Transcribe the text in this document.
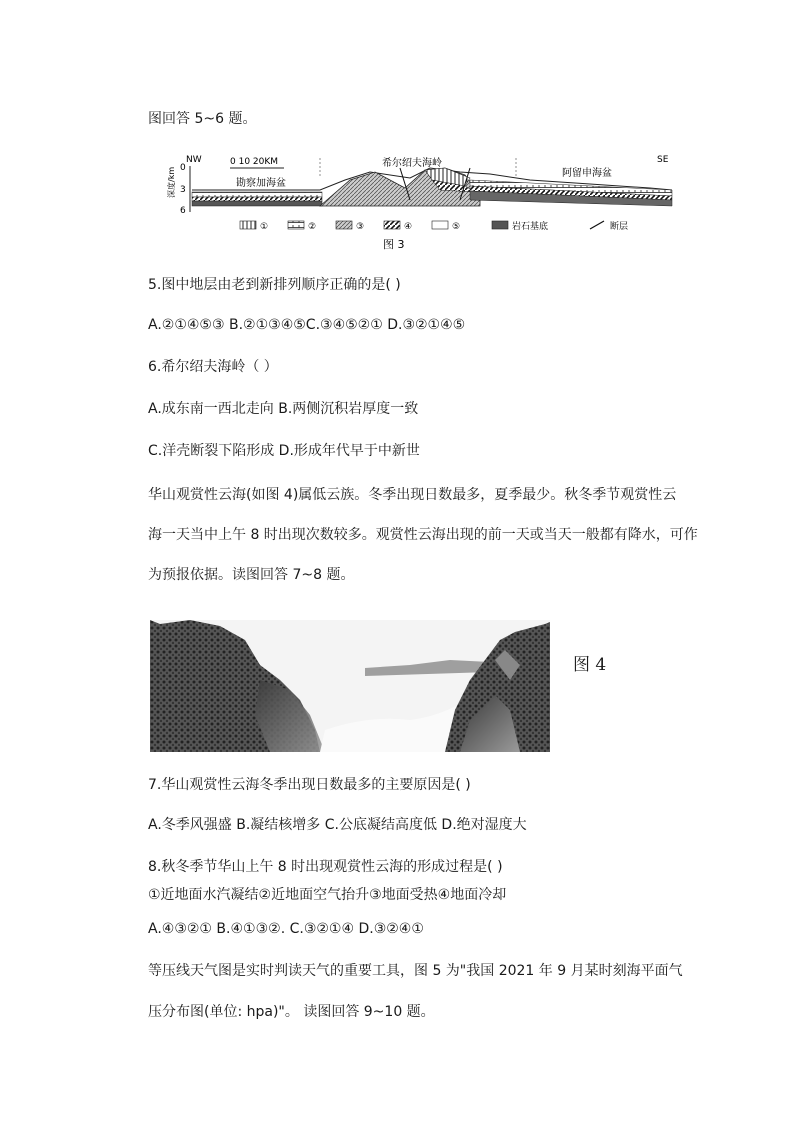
图回答 5~6 题。
NW	SE
0 10 20KM
0
3
6
深度/km	勘察加海盆
希尔绍夫海岭
阿留申海盆
①	②	③	④	⑤	岩石基底	断层
图 3
5.图中地层由老到新排列顺序正确的是( )
A.②①④⑤③ B.②①③④⑤C.③④⑤②① D.③②①④⑤
6.希尔绍夫海岭（ ）
A.成东南一西北走向 B.两侧沉积岩厚度一致
C.洋壳断裂下陷形成 D.形成年代早于中新世
华山观赏性云海(如图 4)属低云族。冬季出现日数最多，夏季最少。秋冬季节观赏性云
海一天当中上午 8 时出现次数较多。观赏性云海出现的前一天或当天一般都有降水，可作
为预报依据。读图回答 7~8 题。
图 4
7.华山观赏性云海冬季出现日数最多的主要原因是( )
A.冬季风强盛 B.凝结核增多 C.公底凝结高度低 D.绝对湿度大
8.秋冬季节华山上午 8 时出现观赏性云海的形成过程是( )
①近地面水汽凝结②近地面空气抬升③地面受热④地面冷却
A.④③②① B.④①③②. C.③②①④ D.③②④①
等压线天气图是实时判读天气的重要工具，图 5 为"我国 2021 年 9 月某时刻海平面气
压分布图(单位: hpa)"。 读图回答 9~10 题。
